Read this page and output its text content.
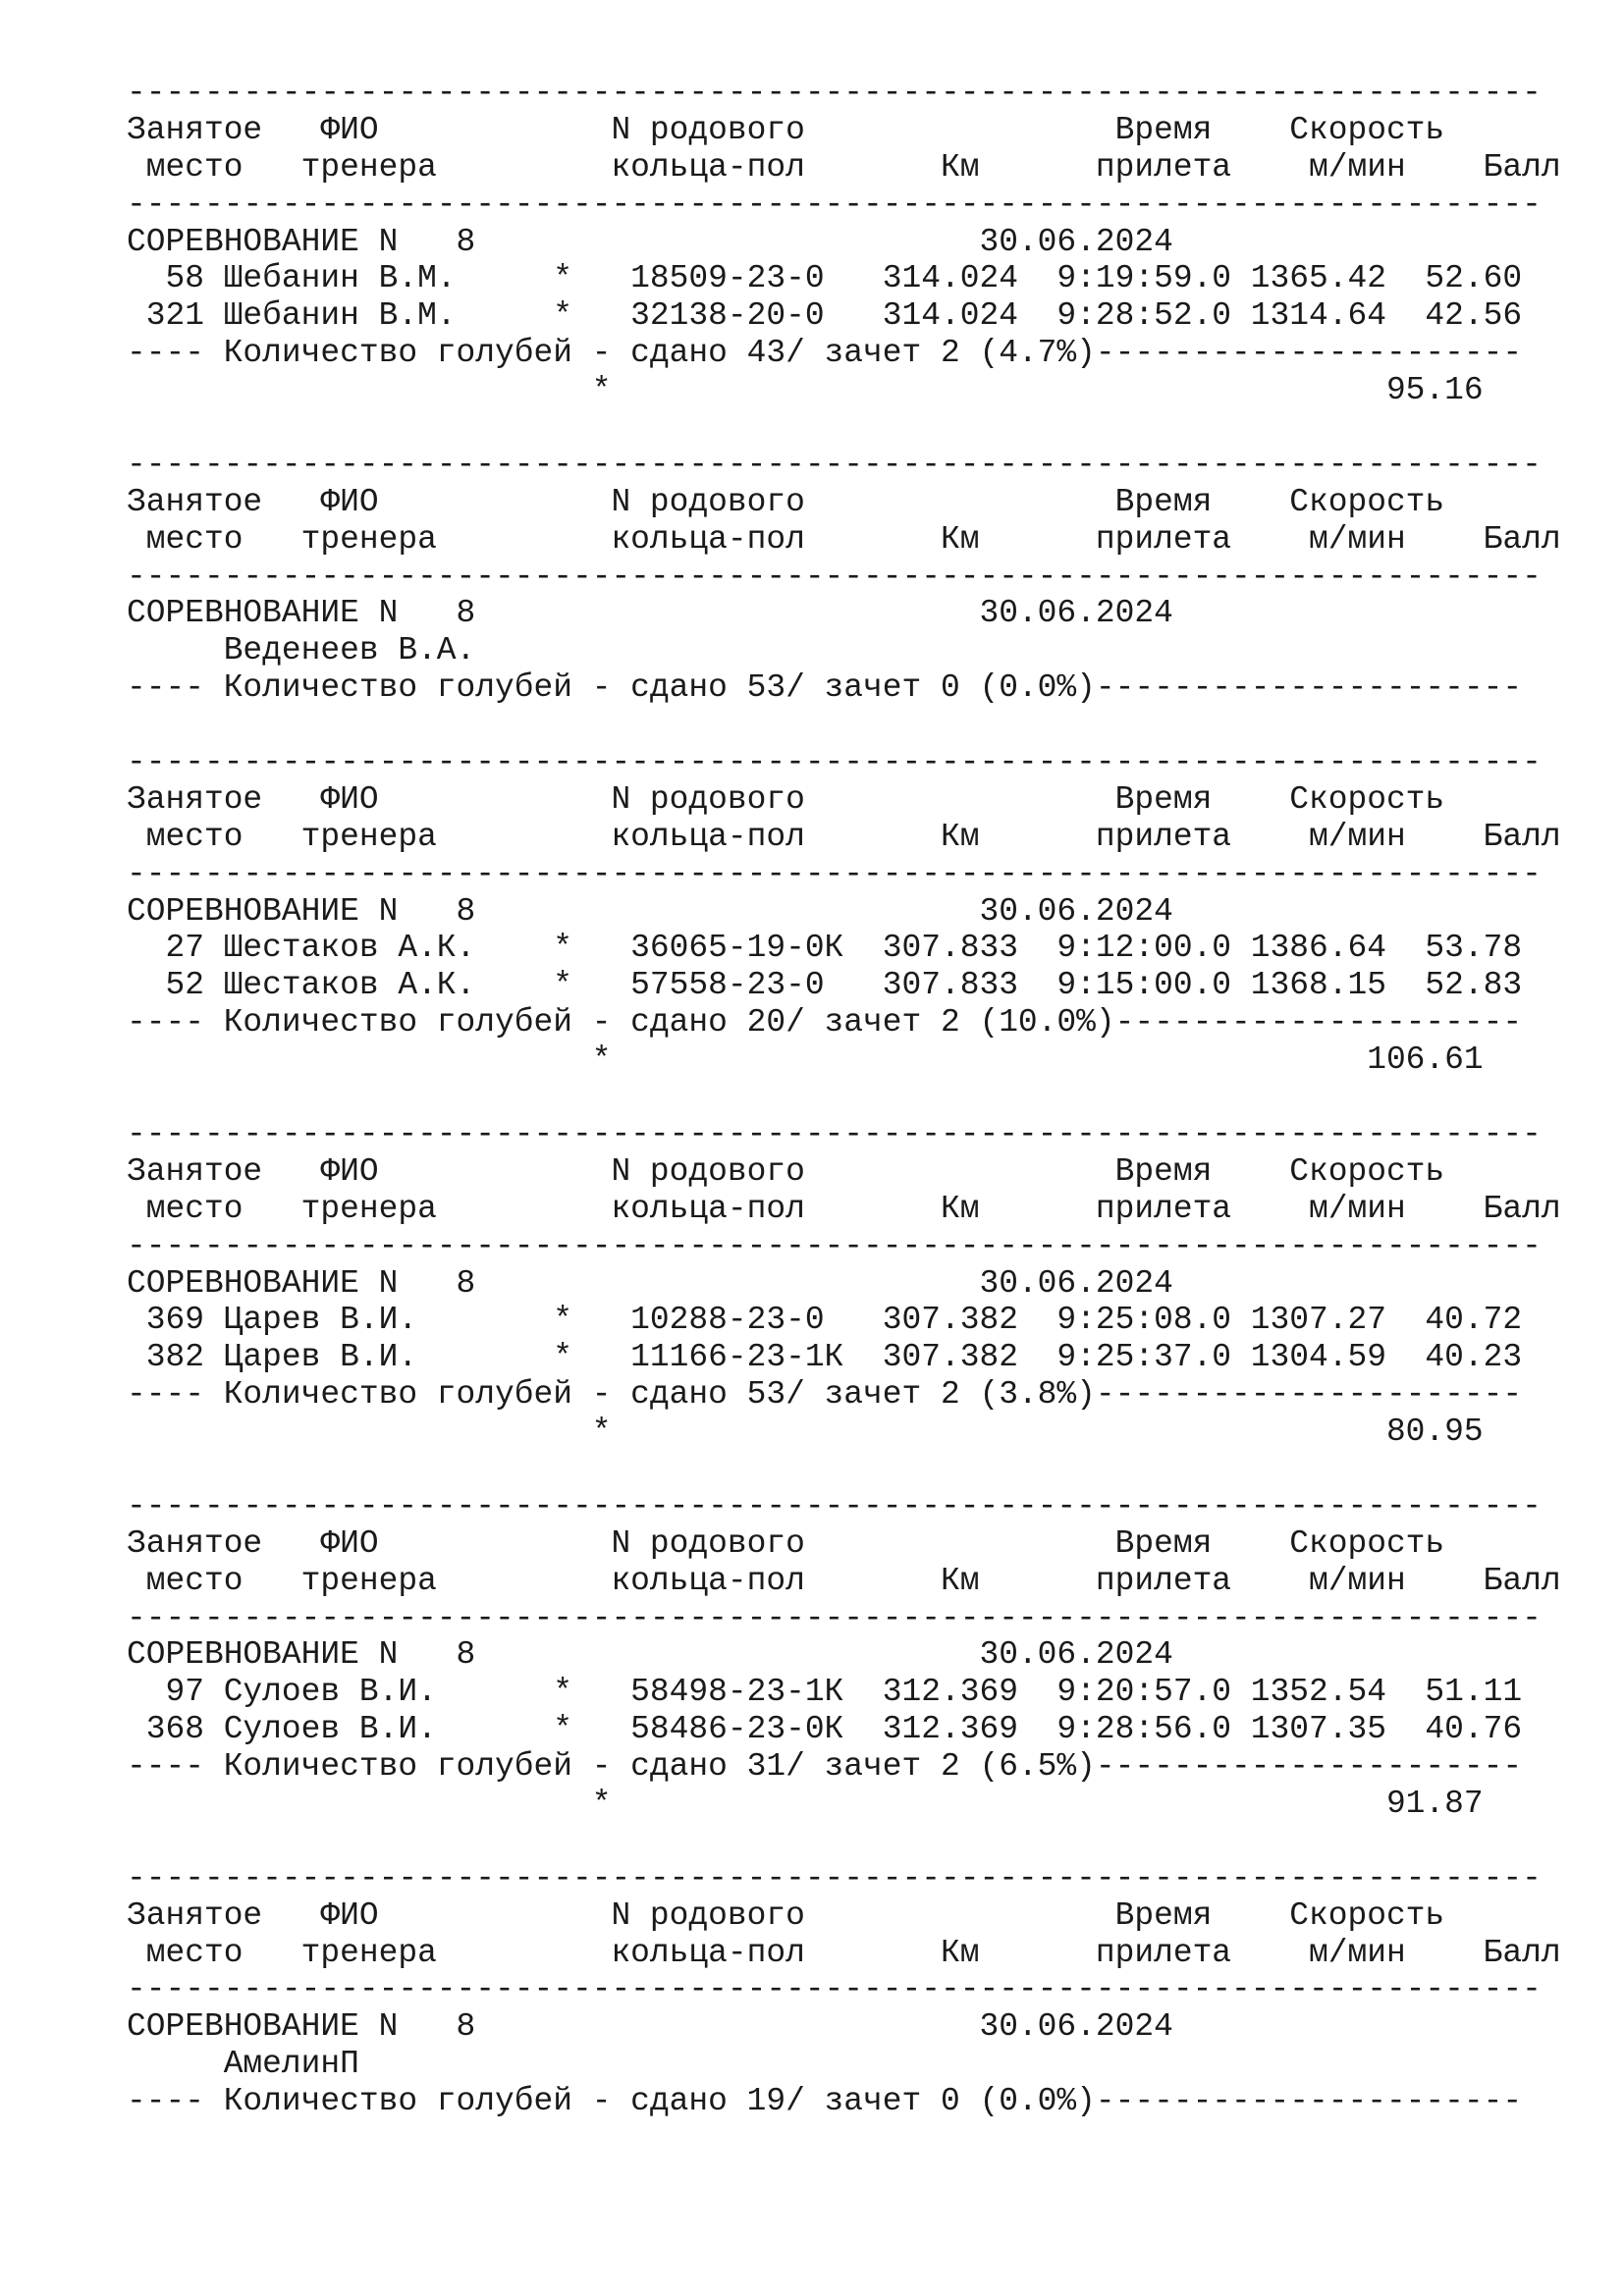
-------------------------------------------------------------------------
Занятое   ФИО            N родового                Время    Скорость
место   тренера         кольца-пол       Км      прилета    м/мин    Балл
-------------------------------------------------------------------------
СОРЕВНОВАНИЕ N   8                          30.06.2024
58 Шебанин В.М.     *   18509-23-0   314.024  9:19:59.0 1365.42  52.60
321 Шебанин В.М.     *   32138-20-0   314.024  9:28:52.0 1314.64  42.56
---- Количество голубей - сдано 43/ зачет 2 (4.7%)----------------------
*                                        95.16
-------------------------------------------------------------------------
Занятое   ФИО            N родового                Время    Скорость
место   тренера         кольца-пол       Км      прилета    м/мин    Балл
-------------------------------------------------------------------------
СОРЕВНОВАНИЕ N   8                          30.06.2024
Веденеев В.А.
---- Количество голубей - сдано 53/ зачет 0 (0.0%)----------------------
-------------------------------------------------------------------------
Занятое   ФИО            N родового                Время    Скорость
место   тренера         кольца-пол       Км      прилета    м/мин    Балл
-------------------------------------------------------------------------
СОРЕВНОВАНИЕ N   8                          30.06.2024
27 Шестаков А.К.    *   36065-19-0К  307.833  9:12:00.0 1386.64  53.78
52 Шестаков А.К.    *   57558-23-0   307.833  9:15:00.0 1368.15  52.83
---- Количество голубей - сдано 20/ зачет 2 (10.0%)---------------------
*                                       106.61
-------------------------------------------------------------------------
Занятое   ФИО            N родового                Время    Скорость
место   тренера         кольца-пол       Км      прилета    м/мин    Балл
-------------------------------------------------------------------------
СОРЕВНОВАНИЕ N   8                          30.06.2024
369 Царев В.И.       *   10288-23-0   307.382  9:25:08.0 1307.27  40.72
382 Царев В.И.       *   11166-23-1К  307.382  9:25:37.0 1304.59  40.23
---- Количество голубей - сдано 53/ зачет 2 (3.8%)----------------------
*                                        80.95
-------------------------------------------------------------------------
Занятое   ФИО            N родового                Время    Скорость
место   тренера         кольца-пол       Км      прилета    м/мин    Балл
-------------------------------------------------------------------------
СОРЕВНОВАНИЕ N   8                          30.06.2024
97 Сулоев В.И.      *   58498-23-1К  312.369  9:20:57.0 1352.54  51.11
368 Сулоев В.И.      *   58486-23-0К  312.369  9:28:56.0 1307.35  40.76
---- Количество голубей - сдано 31/ зачет 2 (6.5%)----------------------
*                                        91.87
-------------------------------------------------------------------------
Занятое   ФИО            N родового                Время    Скорость
место   тренера         кольца-пол       Км      прилета    м/мин    Балл
-------------------------------------------------------------------------
СОРЕВНОВАНИЕ N   8                          30.06.2024
АмелинП
---- Количество голубей - сдано 19/ зачет 0 (0.0%)----------------------
